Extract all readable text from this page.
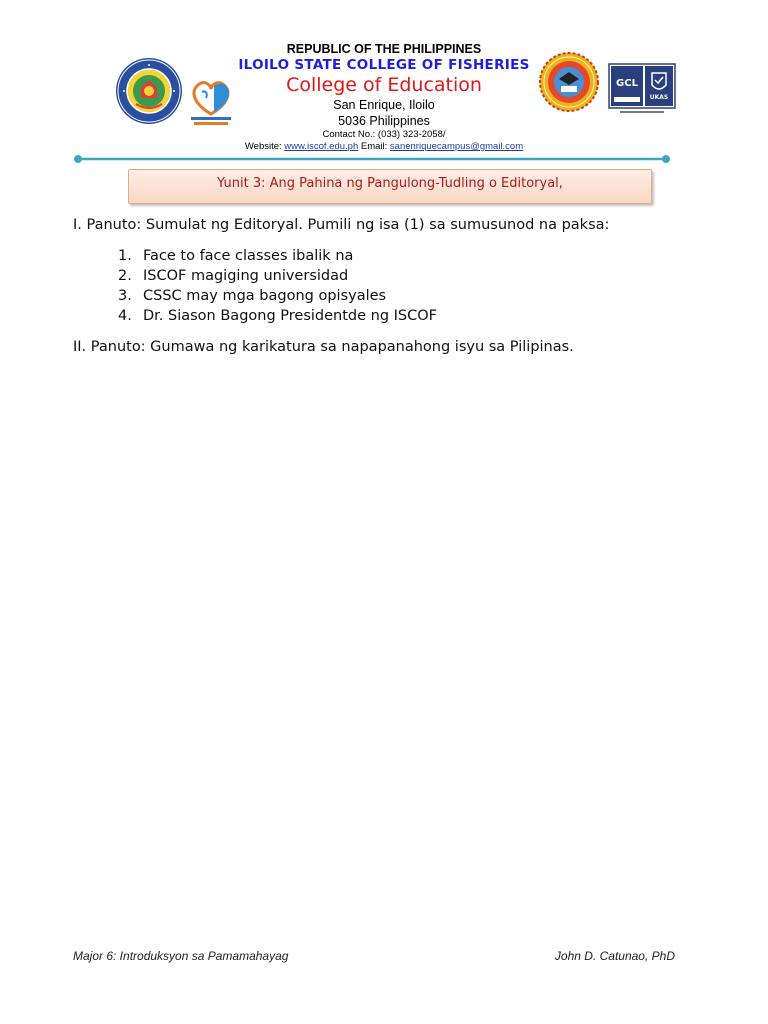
GCL
UKAS
REPUBLIC OF THE PHILIPPINES
ILOILO STATE COLLEGE OF FISHERIES
College of Education
San Enrique, Iloilo
5036 Philippines
Contact No.: (033) 323-2058/
Website: www.iscof.edu.ph Email: sanenriquecampus@gmail.com
Yunit 3: Ang Pahina ng Pangulong-Tudling o Editoryal,
I. Panuto: Sumulat ng Editoryal. Pumili ng isa (1) sa sumusunod na paksa:
1. Face to face classes ibalik na
2. ISCOF magiging universidad
3. CSSC may mga bagong opisyales
4. Dr. Siason Bagong Presidentde ng ISCOF
II. Panuto: Gumawa ng karikatura sa napapanahong isyu sa Pilipinas.
Major 6: Introduksyon sa Pamamahayag	John D. Catunao, PhD
